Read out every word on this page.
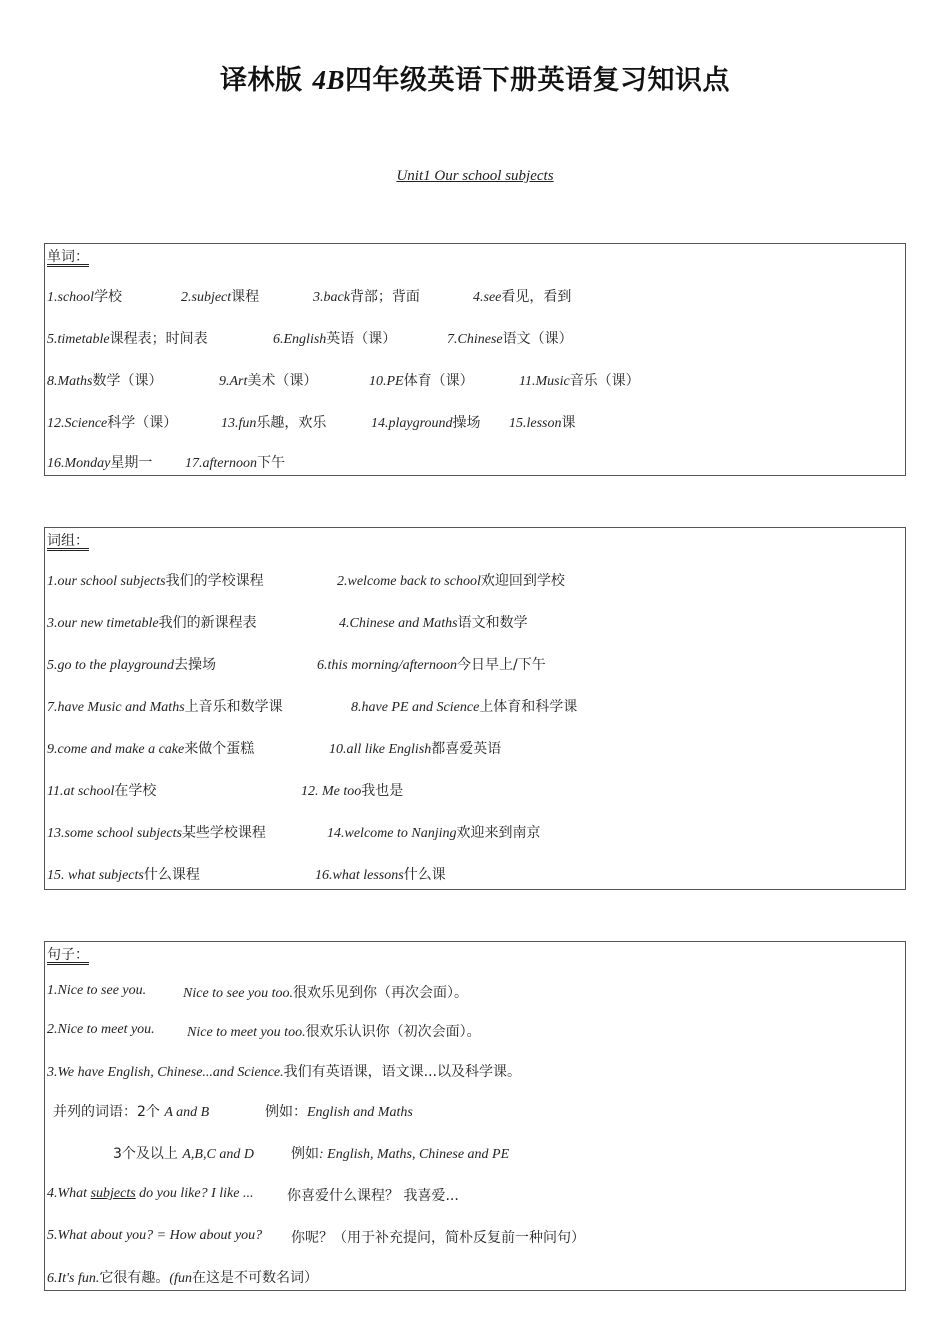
译林版 4B四年级英语下册英语复习知识点
Unit1 Our school subjects
单词：
1.school学校	2.subject课程	3.back背部；背面	4.see看见，看到
5.timetable课程表；时间表	6.English英语（课）	7.Chinese语文（课）
8.Maths数学（课）	9.Art美术（课）	10.PE体育（课）	11.Music音乐（课）
12.Science科学（课）	13.fun乐趣，欢乐	14.playground操场 15.lesson课
16.Monday星期一 17.afternoon下午
词组：
1.our school subjects我们的学校课程	2.welcome back to school欢迎回到学校
3.our new timetable我们的新课程表	4.Chinese and Maths语文和数学
5.go to the playground去操场	6.this morning/afternoon今日早上/下午
7.have Music and Maths上音乐和数学课	8.have PE and Science上体育和科学课
9.come and make a cake来做个蛋糕	10.all like English都喜爱英语
11.at school在学校	12. Me too我也是
13.some school subjects某些学校课程	14.welcome to Nanjing欢迎来到南京
15. what subjects什么课程	16.what lessons什么课
句子：
1.Nice to see you.	Nice to see you too.很欢乐见到你（再次会面）。
2.Nice to meet you. Nice to meet you too.很欢乐认识你（初次会面）。
3.We have English, Chinese...and Science.我们有英语课，语文课...以及科学课。
并列的词语：2个 A and B	例如：English and Maths
3个及以上 A,B,C and D	例如: English, Maths, Chinese and PE
4.What subjects do you like? I like ... 你喜爱什么课程？ 我喜爱...
5.What about you? = How about you? 你呢？（用于补充提问，简朴反复前一种问句）
6.It's fun.它很有趣。(fun在这是不可数名词）
